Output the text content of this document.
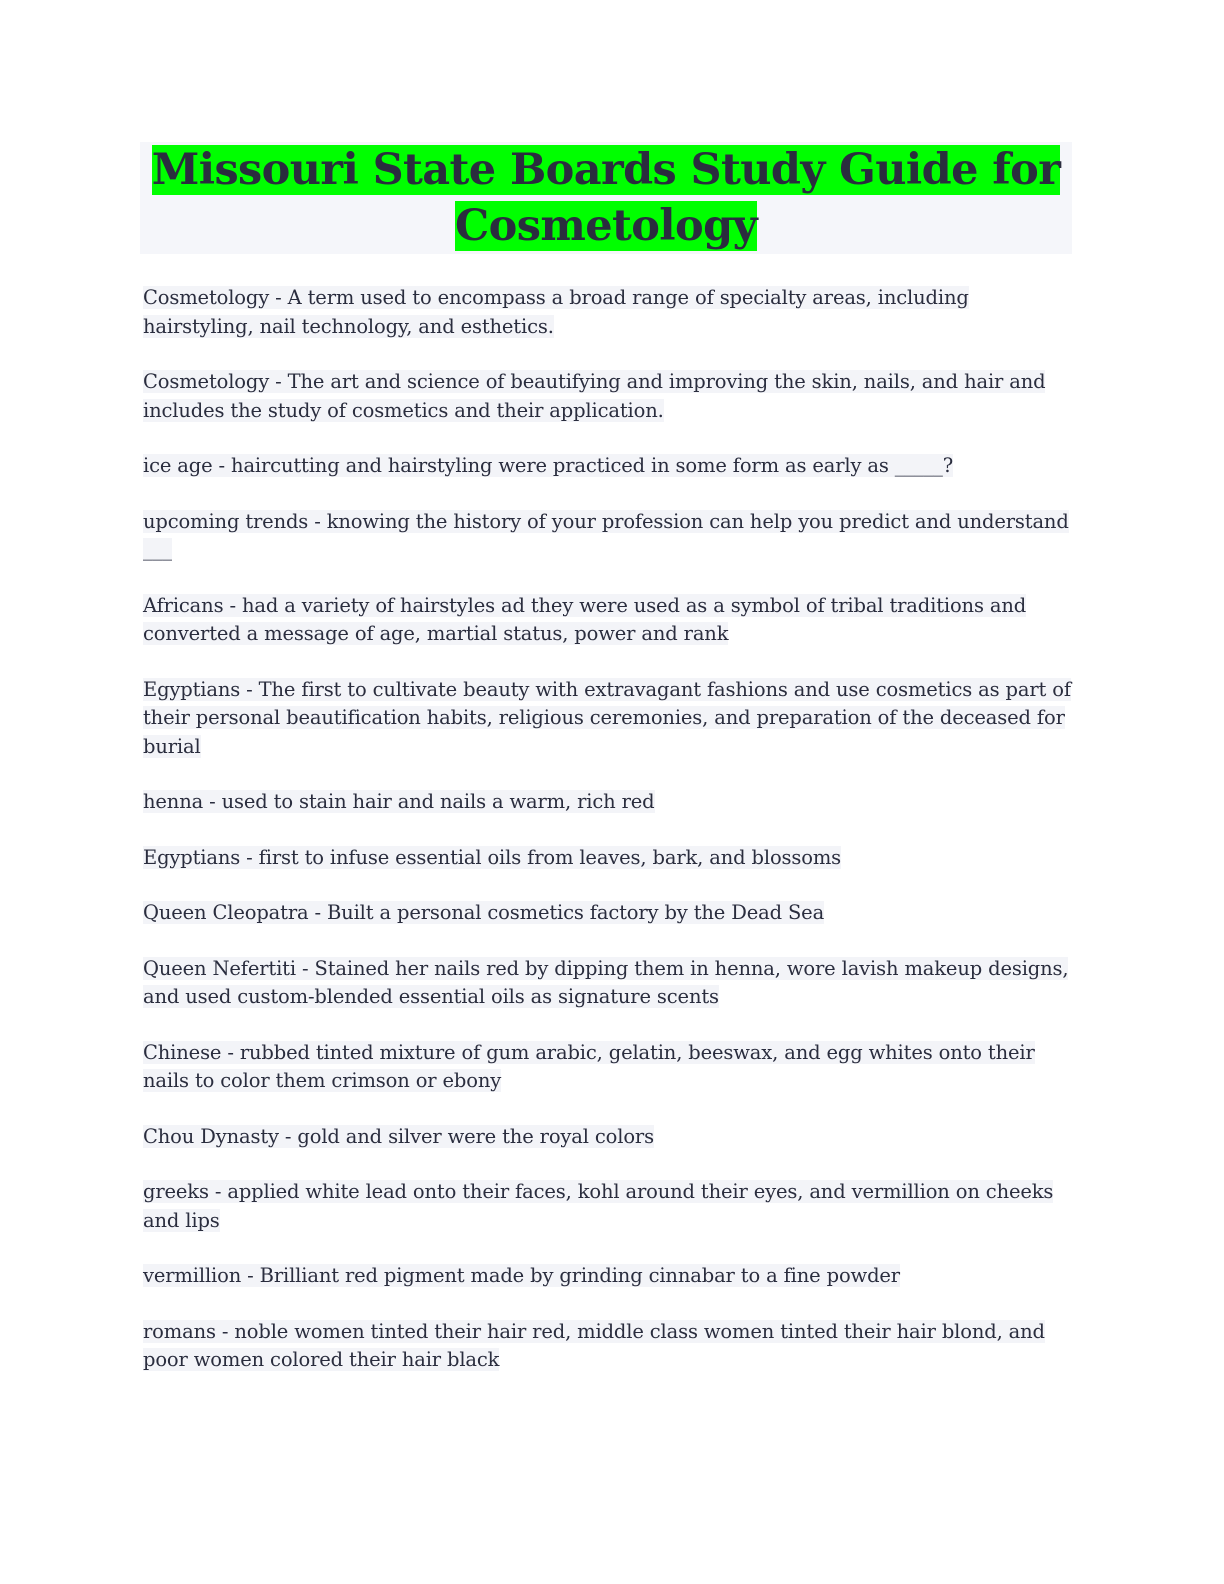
Missouri State Boards Study Guide for
Cosmetology
Cosmetology - A term used to encompass a broad range of specialty areas, including hairstyling, nail technology, and esthetics.
Cosmetology - The art and science of beautifying and improving the skin, nails, and hair and includes the study of cosmetics and their application.
ice age - haircutting and hairstyling were practiced in some form as early as _____?
upcoming trends - knowing the history of your profession can help you predict and understand ___
Africans - had a variety of hairstyles ad they were used as a symbol of tribal traditions and converted a message of age, martial status, power and rank
Egyptians - The first to cultivate beauty with extravagant fashions and use cosmetics as part of their personal beautification habits, religious ceremonies, and preparation of the deceased for burial
henna - used to stain hair and nails a warm, rich red
Egyptians - first to infuse essential oils from leaves, bark, and blossoms
Queen Cleopatra - Built a personal cosmetics factory by the Dead Sea
Queen Nefertiti - Stained her nails red by dipping them in henna, wore lavish makeup designs, and used custom-blended essential oils as signature scents
Chinese - rubbed tinted mixture of gum arabic, gelatin, beeswax, and egg whites onto their nails to color them crimson or ebony
Chou Dynasty - gold and silver were the royal colors
greeks - applied white lead onto their faces, kohl around their eyes, and vermillion on cheeks and lips
vermillion - Brilliant red pigment made by grinding cinnabar to a fine powder
romans - noble women tinted their hair red, middle class women tinted their hair blond, and poor women colored their hair black
